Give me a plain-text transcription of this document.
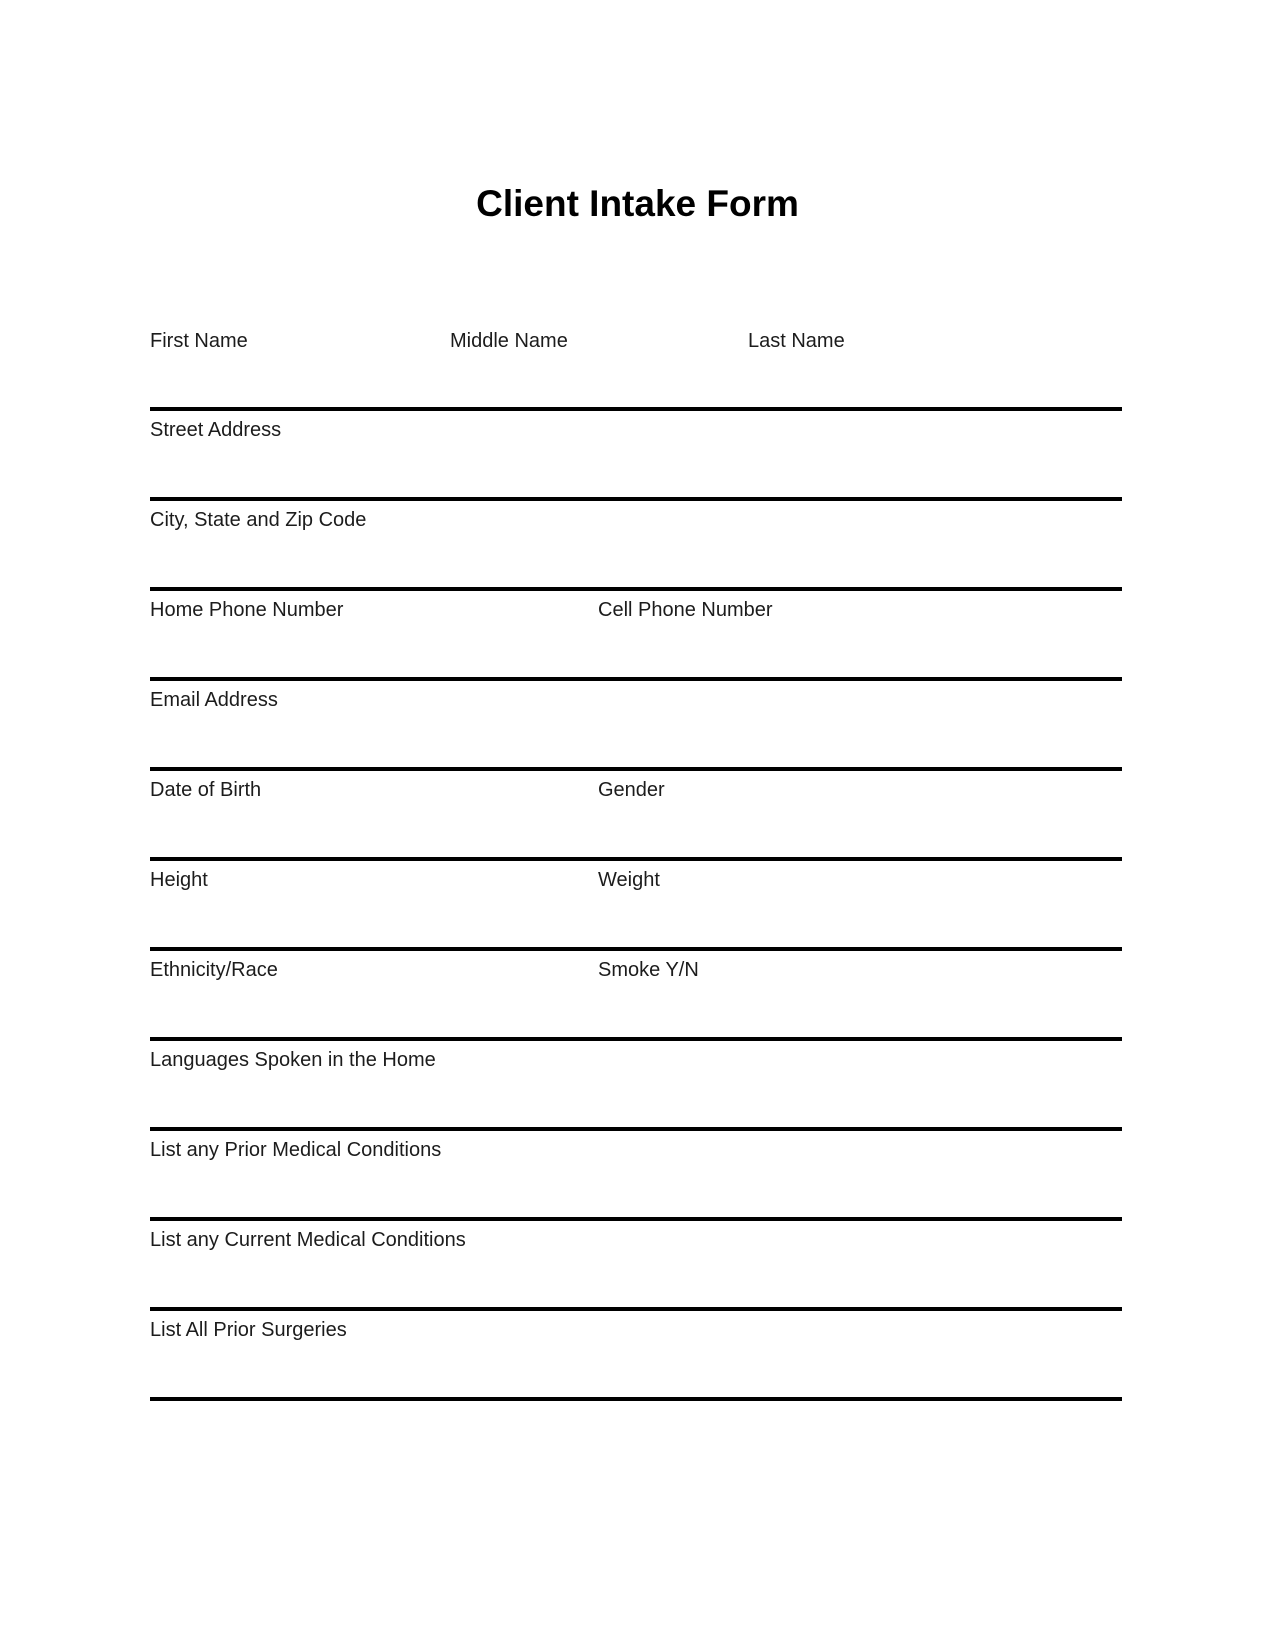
Client Intake Form
First Name	Middle Name	Last Name
Street Address
City, State and Zip Code
Home Phone Number	Cell Phone Number
Email Address
Date of Birth	Gender
Height	Weight
Ethnicity/Race	Smoke Y/N
Languages Spoken in the Home
List any Prior Medical Conditions
List any Current Medical Conditions
List All Prior Surgeries
